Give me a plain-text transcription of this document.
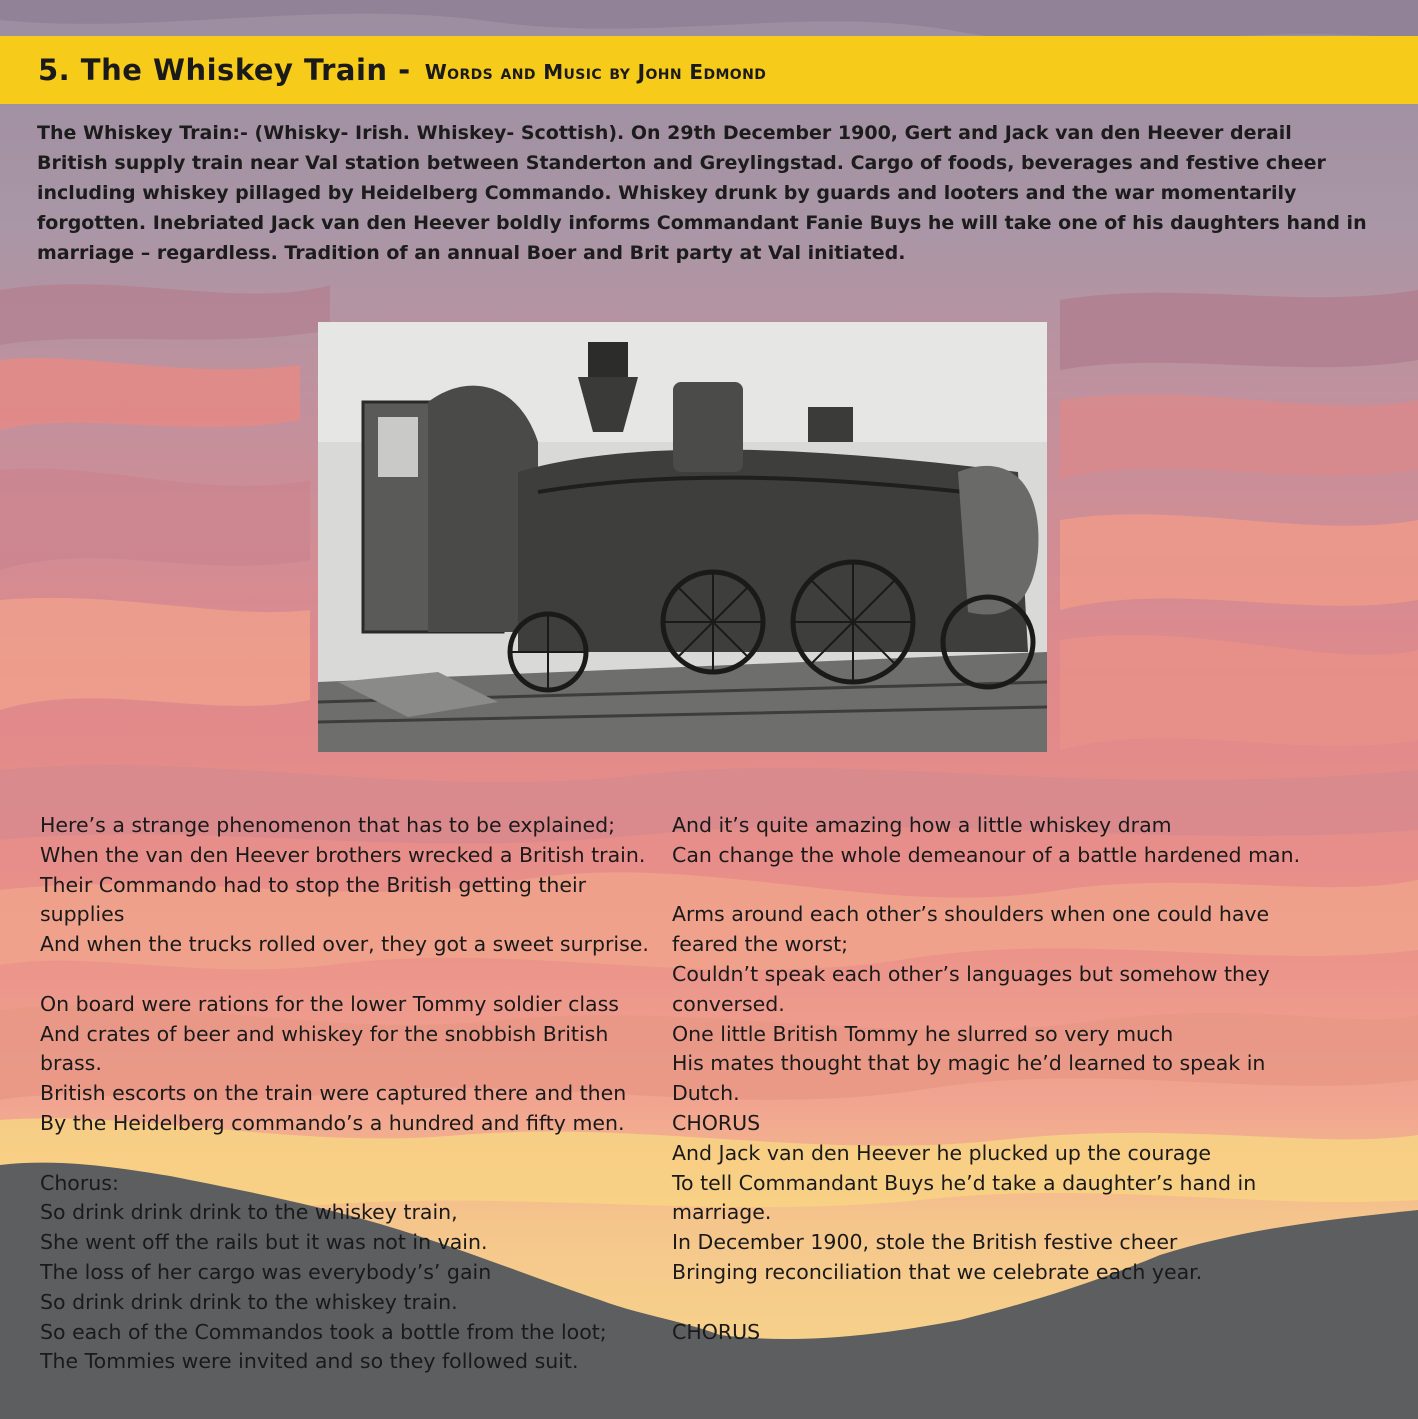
5. The Whiskey Train - Words and Music by John Edmond

The Whiskey Train:- (Whisky- Irish. Whiskey- Scottish). On 29th December 1900, Gert and Jack van den Heever derail British supply train near Val station between Standerton and Greylingstad. Cargo of foods, beverages and festive cheer including whiskey pillaged by Heidelberg Commando. Whiskey drunk by guards and looters and the war momentarily forgotten. Inebriated Jack van den Heever boldly informs Commandant Fanie Buys he will take one of his daughters hand in marriage – regardless. Tradition of an annual Boer and Brit party at Val initiated.

Here’s a strange phenomenon that has to be explained;
When the van den Heever brothers wrecked a British train.
Their Commando had to stop the British getting their supplies
And when the trucks rolled over, they got a sweet surprise.
On board were rations for the lower Tommy soldier class
And crates of beer and whiskey for the snobbish British brass.
British escorts on the train were captured there and then
By the Heidelberg commando’s a hundred and fifty men.
Chorus:
So drink drink drink to the whiskey train,
She went off the rails but it was not in vain.
The loss of her cargo was everybody’s’ gain
So drink drink drink to the whiskey train.
So each of the Commandos took a bottle from the loot;
The Tommies were invited and so they followed suit.
And it’s quite amazing how a little whiskey dram
Can change the whole demeanour of a battle hardened man.
Arms around each other’s shoulders when one could have feared the worst;
Couldn’t speak each other’s languages but somehow they conversed.
One little British Tommy he slurred so very much
His mates thought that by magic he’d learned to speak in Dutch.
CHORUS
And Jack van den Heever he plucked up the courage
To tell Commandant Buys he’d take a daughter’s hand in marriage.
In December 1900, stole the British festive cheer
Bringing reconciliation that we celebrate each year.
CHORUS
